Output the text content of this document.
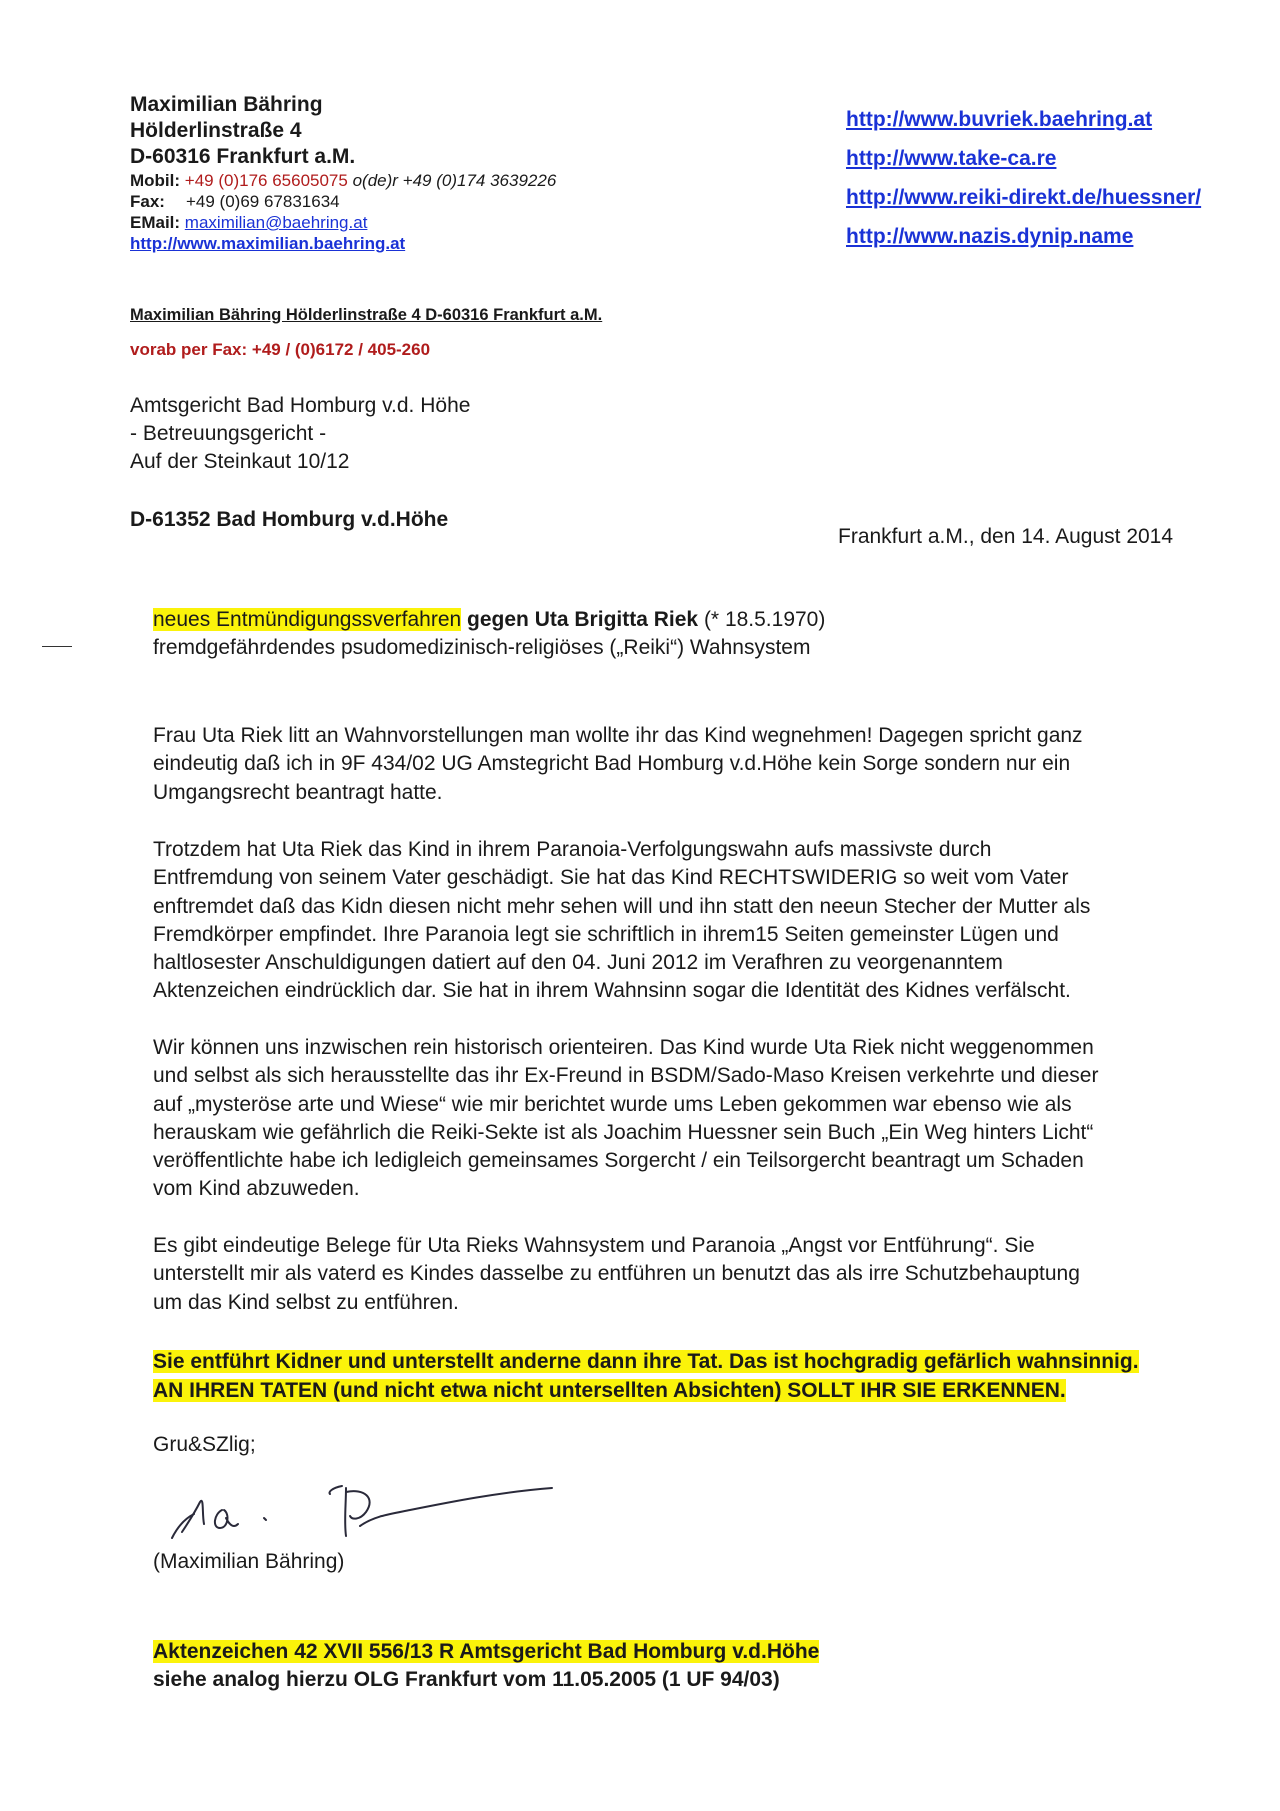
Maximilian Bähring
Hölderlinstraße 4
D-60316 Frankfurt a.M.
Mobil: +49 (0)176 65605075 o(de)r +49 (0)174 3639226
Fax: +49 (0)69 67831634
EMail: maximilian@baehring.at
http://www.maximilian.baehring.at
http://www.buvriek.baehring.at
http://www.take-ca.re
http://www.reiki-direkt.de/huessner/
http://www.nazis.dynip.name
Maximilian Bähring Hölderlinstraße 4 D-60316 Frankfurt a.M.
vorab per Fax: +49 / (0)6172 / 405-260
Amtsgericht Bad Homburg v.d. Höhe
- Betreuungsgericht -
Auf der Steinkaut 10/12
D-61352 Bad Homburg v.d.Höhe
Frankfurt a.M., den 14. August 2014
neues Entmündigungssverfahren gegen Uta Brigitta Riek (* 18.5.1970)
fremdgefährdendes psudomedizinisch-religiöses („Reiki“) Wahnsystem
Frau Uta Riek litt an Wahnvorstellungen man wollte ihr das Kind wegnehmen! Dagegen spricht ganz
eindeutig daß ich in 9F 434/02 UG Amstegricht Bad Homburg v.d.Höhe kein Sorge sondern nur ein
Umgangsrecht beantragt hatte.
Trotzdem hat Uta Riek das Kind in ihrem Paranoia-Verfolgungswahn aufs massivste durch
Entfremdung von seinem Vater geschädigt. Sie hat das Kind RECHTSWIDERIG so weit vom Vater
enftremdet daß das Kidn diesen nicht mehr sehen will und ihn statt den neeun Stecher der Mutter als
Fremdkörper empfindet. Ihre Paranoia legt sie schriftlich in ihrem15 Seiten gemeinster Lügen und
haltlosester Anschuldigungen datiert auf den 04. Juni 2012 im Verafhren zu veorgenanntem
Aktenzeichen eindrücklich dar. Sie hat in ihrem Wahnsinn sogar die Identität des Kidnes verfälscht.
Wir können uns inzwischen rein historisch orienteiren. Das Kind wurde Uta Riek nicht weggenommen
und selbst als sich herausstellte das ihr Ex-Freund in BSDM/Sado-Maso Kreisen verkehrte und dieser
auf „mysteröse arte und Wiese“ wie mir berichtet wurde ums Leben gekommen war ebenso wie als
herauskam wie gefährlich die Reiki-Sekte ist als Joachim Huessner sein Buch „Ein Weg hinters Licht“
veröffentlichte habe ich ledigleich gemeinsames Sorgercht / ein Teilsorgercht beantragt um Schaden
vom Kind abzuweden.
Es gibt eindeutige Belege für Uta Rieks Wahnsystem und Paranoia „Angst vor Entführung“. Sie
unterstellt mir als vaterd es Kindes dasselbe zu entführen un benutzt das als irre Schutzbehauptung
um das Kind selbst zu entführen.
Sie entführt Kidner und unterstellt anderne dann ihre Tat. Das ist hochgradig gefärlich wahnsinnig.
AN IHREN TATEN (und nicht etwa nicht untersellten Absichten) SOLLT IHR SIE ERKENNEN.
Gru&SZlig;
(Maximilian Bähring)
Aktenzeichen 42 XVII 556/13 R Amtsgericht Bad Homburg v.d.Höhe
siehe analog hierzu OLG Frankfurt vom 11.05.2005 (1 UF 94/03)
